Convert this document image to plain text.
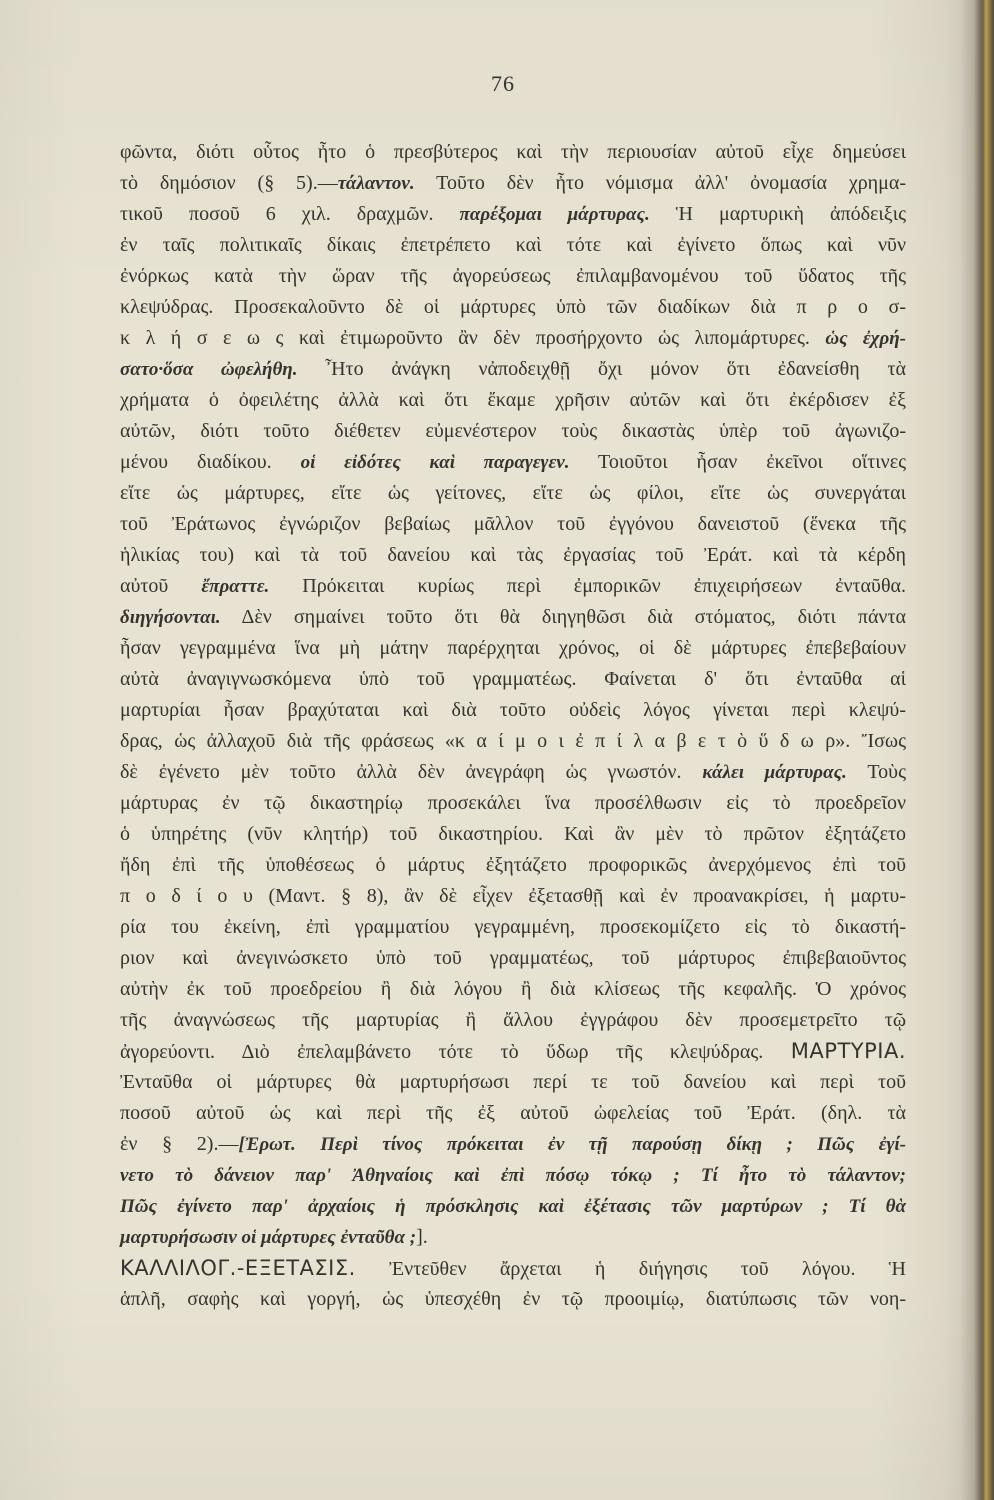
76
φῶντα, διότι οὗτος ἦτο ὁ πρεσβύτερος καὶ τὴν περιουσίαν αὐτοῦ εἶχε δημεύσει
τὸ δημόσιον (§ 5).—τάλαντον. Τοῦτο δὲν ἦτο νόμισμα ἀλλ' ὀνομασία χρημα-
τικοῦ ποσοῦ 6 χιλ. δραχμῶν. παρέξομαι μάρτυρας. Ἡ μαρτυρικὴ ἀπόδειξις
ἐν ταῖς πολιτικαῖς δίκαις ἐπετρέπετο καὶ τότε καὶ ἐγίνετο ὅπως καὶ νῦν
ἐνόρκως κατὰ τὴν ὥραν τῆς ἀγορεύσεως ἐπιλαμβανομένου τοῦ ὕδατος τῆς
κλεψύδρας. Προσεκαλοῦντο δὲ οἱ μάρτυρες ὑπὸ τῶν διαδίκων διὰ π ρ ο σ-
κ λ ή σ ε ω ς καὶ ἐτιμωροῦντο ἂν δὲν προσήρχοντο ὡς λιπομάρτυρες. ὡς ἐχρή-
σατο·ὅσα ὠφελήθη. Ἦτο ἀνάγκη νἀποδειχθῇ ὄχι μόνον ὅτι ἐδανείσθη τὰ
χρήματα ὁ ὀφειλέτης ἀλλὰ καὶ ὅτι ἔκαμε χρῆσιν αὐτῶν καὶ ὅτι ἐκέρδισεν ἐξ
αὐτῶν, διότι τοῦτο διέθετεν εὐμενέστερον τοὺς δικαστὰς ὑπὲρ τοῦ ἀγωνιζο-
μένου διαδίκου. οἱ εἰδότες καὶ παραγεγεν. Τοιοῦτοι ἦσαν ἐκεῖνοι οἵτινες
εἴτε ὡς μάρτυρες, εἴτε ὡς γείτονες, εἴτε ὡς φίλοι, εἴτε ὡς συνεργάται
τοῦ Ἐράτωνος ἐγνώριζον βεβαίως μᾶλλον τοῦ ἐγγόνου δανειστοῦ (ἕνεκα τῆς
ἡλικίας του) καὶ τὰ τοῦ δανείου καὶ τὰς ἐργασίας τοῦ Ἐράτ. καὶ τὰ κέρδη
αὐτοῦ ἔπραττε. Πρόκειται κυρίως περὶ ἐμπορικῶν ἐπιχειρήσεων ἐνταῦθα.
διηγήσονται. Δὲν σημαίνει τοῦτο ὅτι θὰ διηγηθῶσι διὰ στόματος, διότι πάντα
ἦσαν γεγραμμένα ἵνα μὴ μάτην παρέρχηται χρόνος, οἱ δὲ μάρτυρες ἐπεβεβαίουν
αὐτὰ ἀναγιγνωσκόμενα ὑπὸ τοῦ γραμματέως. Φαίνεται δ' ὅτι ἐνταῦθα αἱ
μαρτυρίαι ἦσαν βραχύταται καὶ διὰ τοῦτο οὐδεὶς λόγος γίνεται περὶ κλεψύ-
δρας, ὡς ἀλλαχοῦ διὰ τῆς φράσεως «κ α ί μ ο ι ἐ π ί λ α β ε τ ὸ ὕ δ ω ρ». Ἴσως
δὲ ἐγένετο μὲν τοῦτο ἀλλὰ δὲν ἀνεγράφη ὡς γνωστόν. κάλει μάρτυρας. Τοὺς
μάρτυρας ἐν τῷ δικαστηρίῳ προσεκάλει ἵνα προσέλθωσιν εἰς τὸ προεδρεῖον
ὁ ὑπηρέτης (νῦν κλητήρ) τοῦ δικαστηρίου. Καὶ ἂν μὲν τὸ πρῶτον ἐξητάζετο
ἤδη ἐπὶ τῆς ὑποθέσεως ὁ μάρτυς ἐξητάζετο προφορικῶς ἀνερχόμενος ἐπὶ τοῦ
π ο δ ί ο υ (Μαντ. § 8), ἂν δὲ εἶχεν ἐξετασθῇ καὶ ἐν προανακρίσει, ἡ μαρτυ-
ρία του ἐκείνη, ἐπὶ γραμματίου γεγραμμένη, προσεκομίζετο εἰς τὸ δικαστή-
ριον καὶ ἀνεγινώσκετο ὑπὸ τοῦ γραμματέως, τοῦ μάρτυρος ἐπιβεβαιοῦντος
αὐτὴν ἐκ τοῦ προεδρείου ἢ διὰ λόγου ἢ διὰ κλίσεως τῆς κεφαλῆς. Ὁ χρόνος
τῆς ἀναγνώσεως τῆς μαρτυρίας ἢ ἄλλου ἐγγράφου δὲν προσεμετρεῖτο τῷ
ἀγορεύοντι. Διὸ ἐπελαμβάνετο τότε τὸ ὕδωρ τῆς κλεψύδρας. ΜΑΡΤΥΡΙΑ.
Ἐνταῦθα οἱ μάρτυρες θὰ μαρτυρήσωσι περί τε τοῦ δανείου καὶ περὶ τοῦ
ποσοῦ αὐτοῦ ὡς καὶ περὶ τῆς ἐξ αὐτοῦ ὠφελείας τοῦ Ἐράτ. (δηλ. τὰ
ἐν § 2).—[Ἐρωτ. Περὶ τίνος πρόκειται ἐν τῇ παρούσῃ δίκῃ ; Πῶς ἐγί-
νετο τὸ δάνειον παρ' Ἀθηναίοις καὶ ἐπὶ πόσῳ τόκῳ ; Τί ἦτο τὸ τάλαντον;
Πῶς ἐγίνετο παρ' ἀρχαίοις ἡ πρόσκλησις καὶ ἐξέτασις τῶν μαρτύρων ; Τί θὰ
μαρτυρήσωσιν οἱ μάρτυρες ἐνταῦθα ;].
ΚΑΛΛΙΛΟΓ.-ΕΞΕΤΑΣΙΣ. Ἐντεῦθεν ἄρχεται ἡ διήγησις τοῦ λόγου. Ἡ
ἁπλῆ, σαφὴς καὶ γοργή, ὡς ὑπεσχέθη ἐν τῷ προοιμίῳ, διατύπωσις τῶν νοη-
